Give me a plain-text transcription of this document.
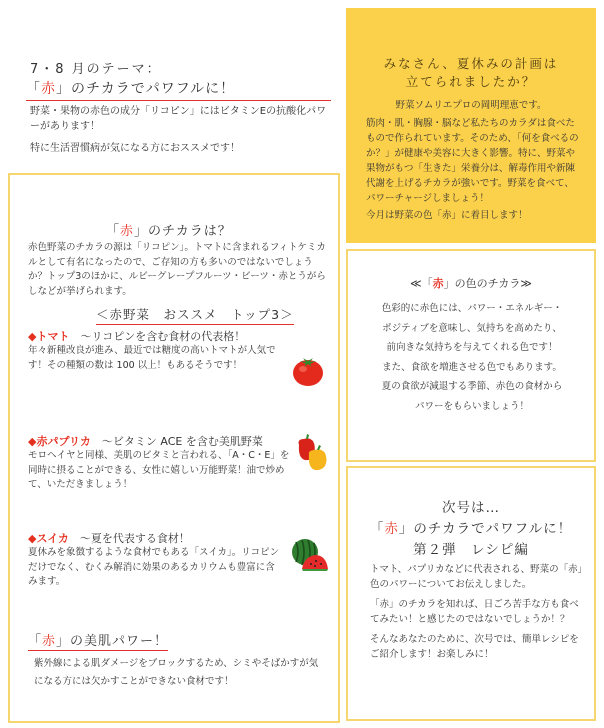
7・8 月のテーマ：
「赤」のチカラでパワフルに！

野菜・果物の赤色の成分「リコピン」にはビタミンEの抗酸化パワーがあります！

特に生活習慣病が気になる方におススメです！

みなさん、夏休みの計画は
立てられましたか？
野菜ソムリエプロの岡明理恵です。
筋肉・肌・胸腺・脳など私たちのカラダは食べたもので作られています。そのため、「何を食べるのか？」が健康や美容に大きく影響。特に、野菜や果物がもつ「生きた」栄養分は、解毒作用や新陳代謝を上げるチカラが強いです。野菜を食べて、パワーチャージしましょう！
今月は野菜の色「赤」に着目します！
「赤」のチカラは？
赤色野菜のチカラの源は「リコピン」。トマトに含まれるフィトケミカルとして有名になったので、ご存知の方も多いのではないでしょうか？トップ3のほかに、ルビーグレープフルーツ・ビーツ・赤とうがらしなどが挙げられます。
＜赤野菜　おススメ　トップ3＞
◆トマト　 ～リコピンを含む食材の代表格！
年々新種改良が進み、最近では糖度の高いトマトが人気です！その種類の数は 100 以上！もあるそうです！
◆赤パプリカ　 ～ビタミン ACE を含む美肌野菜
モロヘイヤと同様、美肌のビタミと言われる、「A・C・E」を同時に摂ることができる、女性に嬉しい万能野菜！油で炒めて、いただきましょう！
◆スイカ　 ～夏を代表する食材！
夏休みを象徴するような食材でもある「スイカ」。リコピンだけでなく、むくみ解消に効果のあるカリウムも豊富に含みます。
「赤」の美肌パワー！
紫外線による肌ダメージをブロックするため、シミやそばかすが気になる方には欠かすことができない食材です！
≪「赤」の色のチカラ≫
色彩的に赤色には、パワー・エネルギー・
ポジティブを意味し、気持ちを高めたり、
前向きな気持ちを与えてくれる色です！
また、食欲を増進させる色でもあります。
夏の食欲が減退する季節、赤色の食材から
パワーをもらいましょう！
次号は…
「赤」のチカラでパワフルに！
第２弾　レシピ編

トマト、パプリカなどに代表される、野菜の「赤」色のパワーについてお伝えしました。

「赤」のチカラを知れば、日ごろ苦手な方も食べてみたい！と感じたのではないでしょうか！？

そんなあなたのために、次号では、簡単レシピをご紹介します！お楽しみに！
